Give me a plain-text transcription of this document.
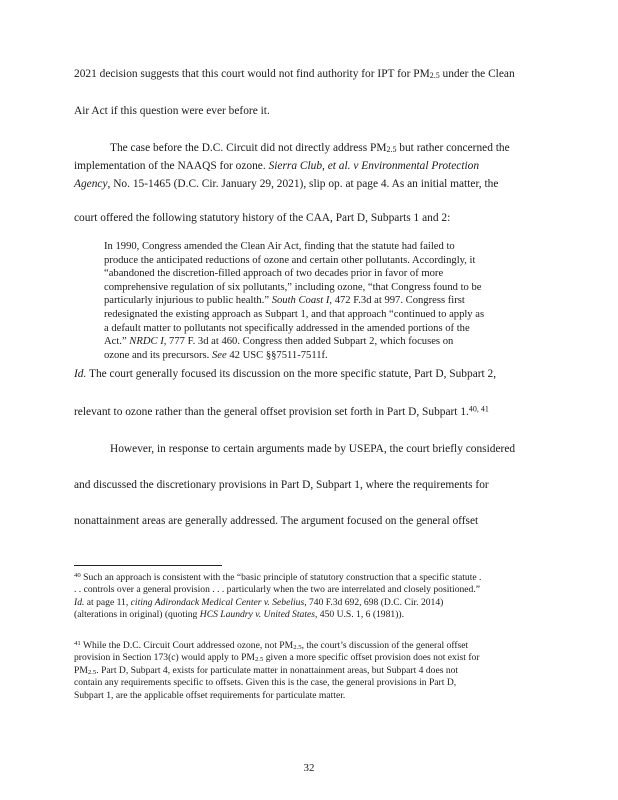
2021 decision suggests that this court would not find authority for IPT for $PM_{2.5}$ under the Clean
Air Act if this question were ever before it.
The case before the D.C. Circuit did not directly address $PM_{2.5}$ but rather concerned the
implementation of the NAAQS for ozone. Sierra Club, et al. v Environmental Protection
Agency, No. 15-1465 (D.C. Cir. January 29, 2021), slip op. at page 4. As an initial matter, the
court offered the following statutory history of the CAA, Part D, Subparts 1 and 2:
In 1990, Congress amended the Clean Air Act, finding that the statute had failed to
produce the anticipated reductions of ozone and certain other pollutants. Accordingly, it
“abandoned the discretion-filled approach of two decades prior in favor of more
comprehensive regulation of six pollutants,” including ozone, “that Congress found to be
particularly injurious to public health.” South Coast I, 472 F.3d at 997. Congress first
redesignated the existing approach as Subpart 1, and that approach “continued to apply as
a default matter to pollutants not specifically addressed in the amended portions of the
Act.” NRDC I, 777 F. 3d at 460. Congress then added Subpart 2, which focuses on
ozone and its precursors. See 42 USC §§7511-7511f.
Id. The court generally focused its discussion on the more specific statute, Part D, Subpart 2,
relevant to ozone rather than the general offset provision set forth in Part D, Subpart 1.$^{40, 41}$
However, in response to certain arguments made by USEPA, the court briefly considered
and discussed the discretionary provisions in Part D, Subpart 1, where the requirements for
nonattainment areas are generally addressed. The argument focused on the general offset
$^{40}$ Such an approach is consistent with the “basic principle of statutory construction that a specific statute .
. . controls over a general provision . . . particularly when the two are interrelated and closely positioned.”
Id. at page 11, citing Adirondack Medical Center v. Sebelius, 740 F.3d 692, 698 (D.C. Cir. 2014)
(alterations in original) (quoting HCS Laundry v. United States, 450 U.S. 1, 6 (1981)).
$^{41}$ While the D.C. Circuit Court addressed ozone, not $PM_{2.5}$, the court’s discussion of the general offset
provision in Section 173(c) would apply to $PM_{2.5}$ given a more specific offset provision does not exist for
$PM_{2.5}$. Part D, Subpart 4, exists for particulate matter in nonattainment areas, but Subpart 4 does not
contain any requirements specific to offsets. Given this is the case, the general provisions in Part D,
Subpart 1, are the applicable offset requirements for particulate matter.
32
